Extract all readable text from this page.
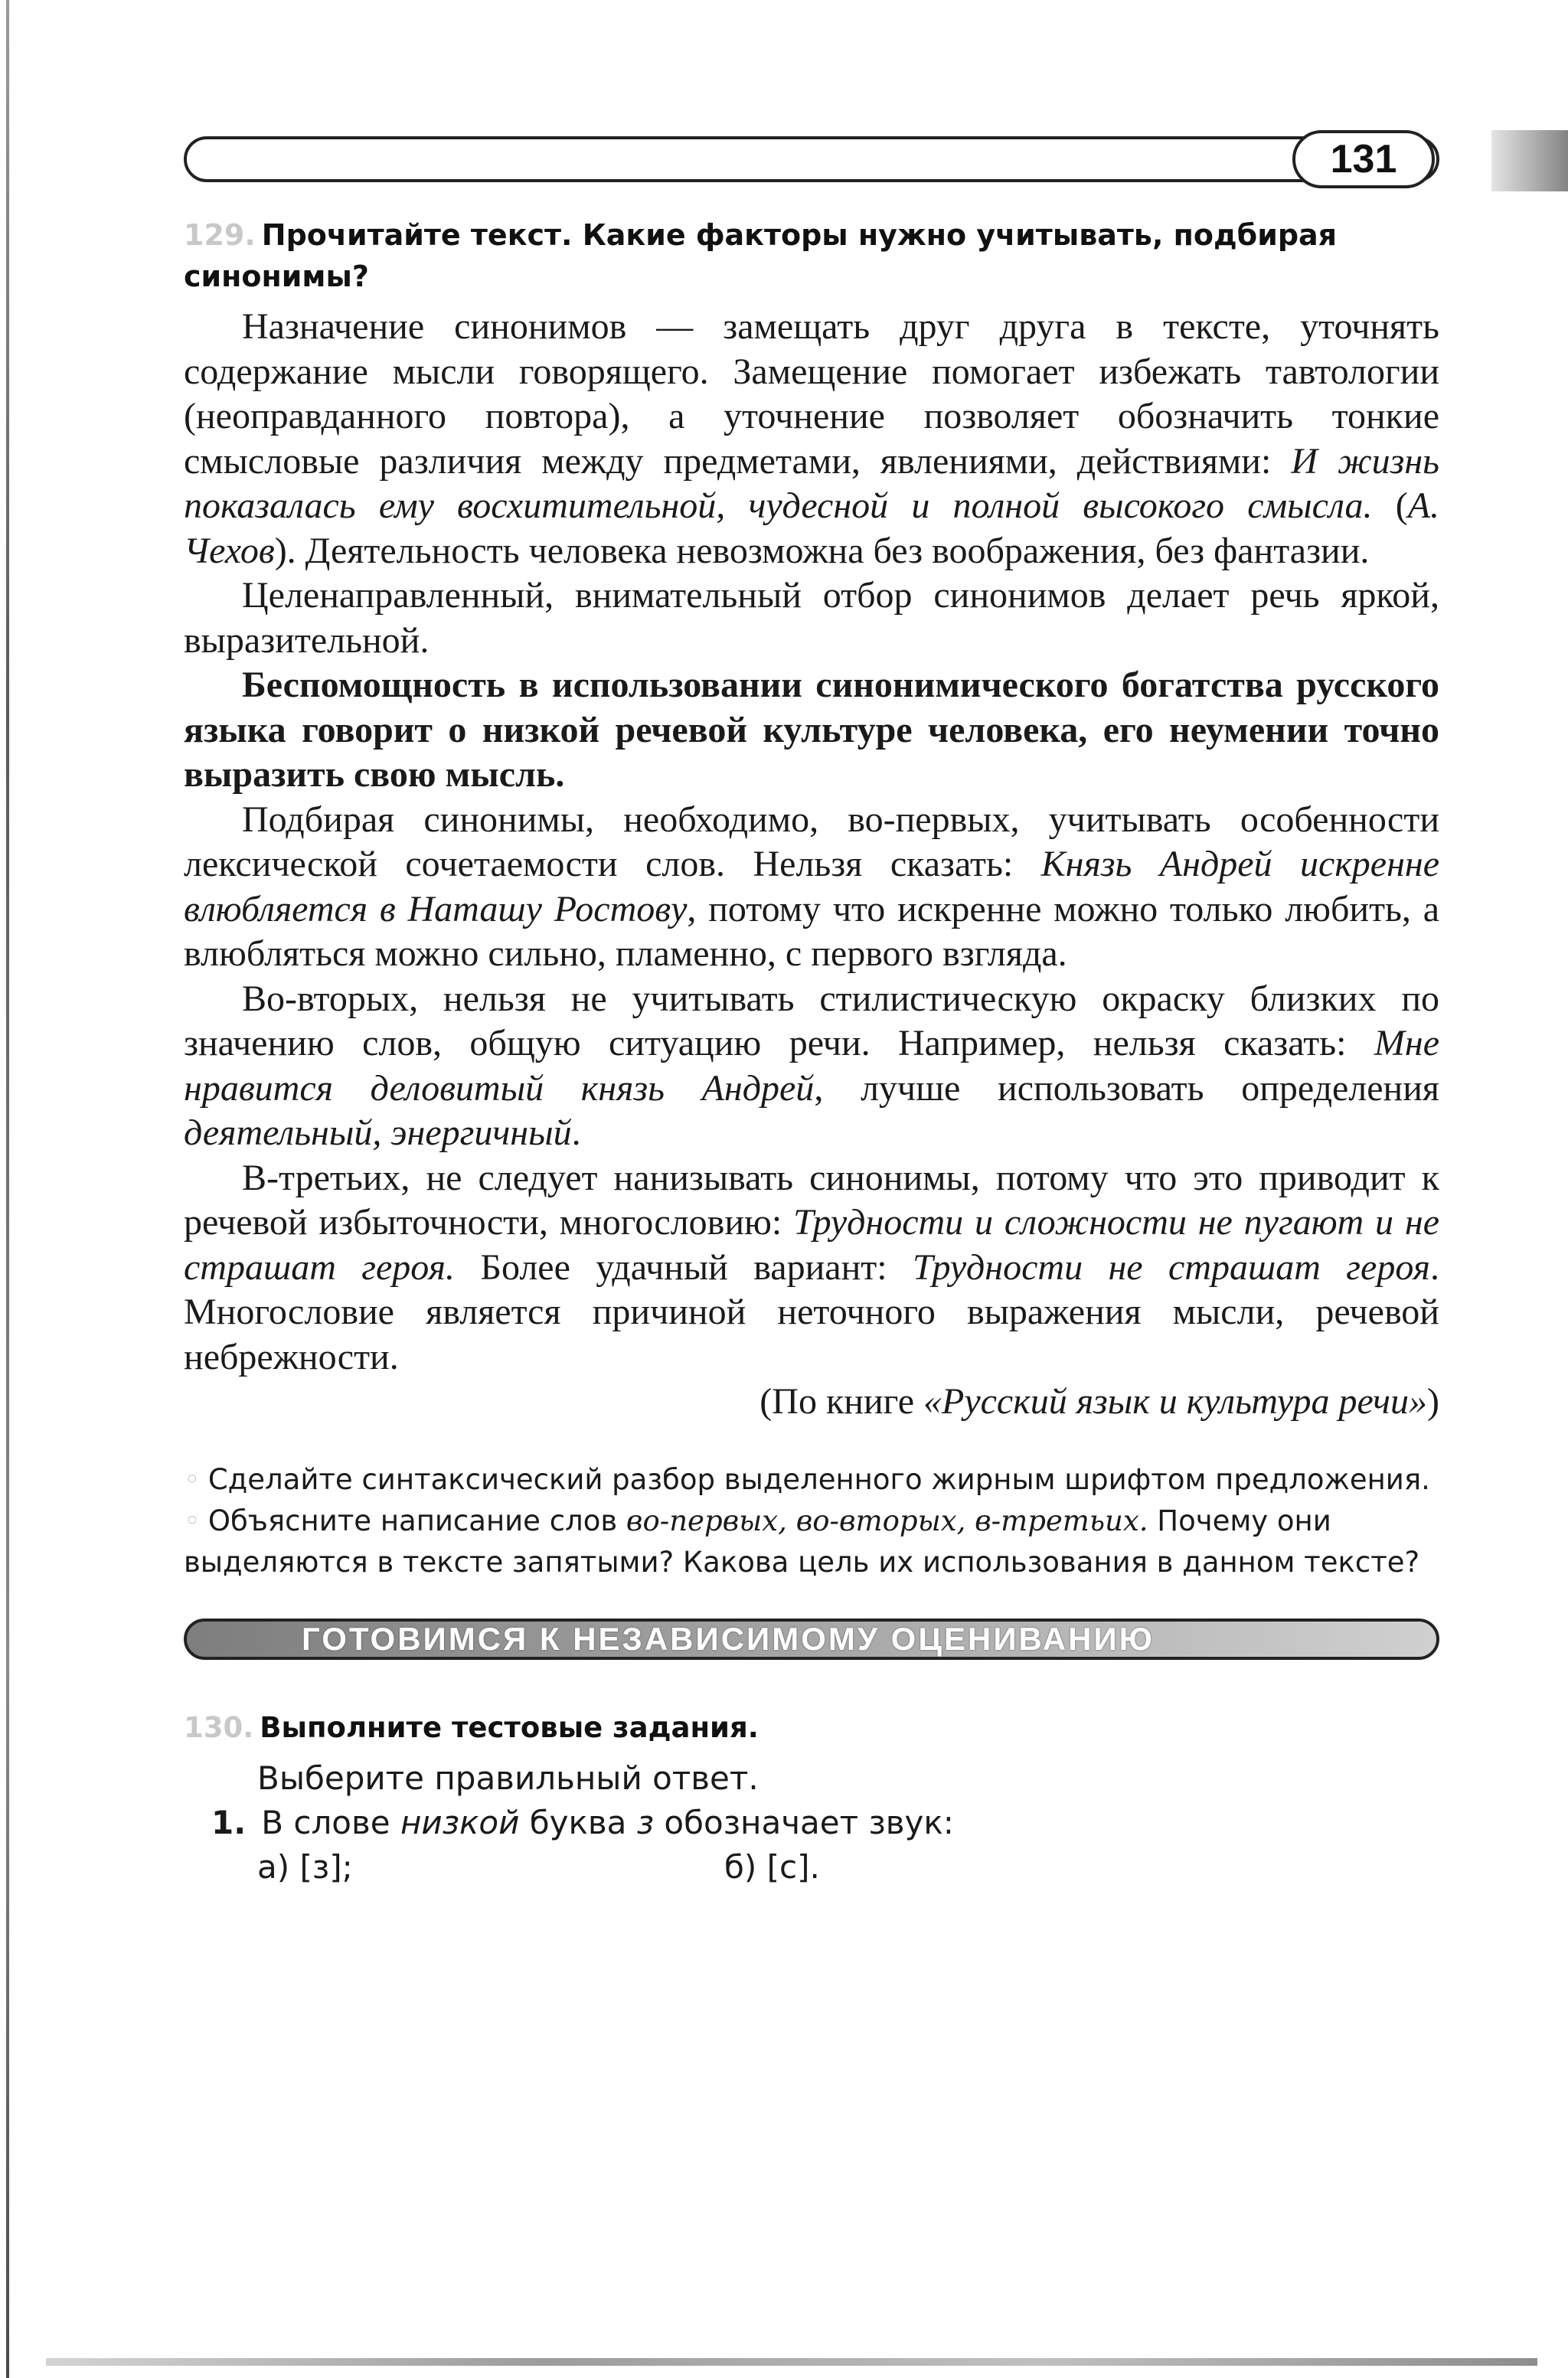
131
129. Прочитайте текст. Какие факторы нужно учитывать, подбирая синонимы?

Назначение синонимов — замещать друг друга в тексте, уточнять содержание мысли говорящего. Замещение помогает избежать тавтологии (неоправданного повтора), а уточнение позволяет обозначить тонкие смысловые различия между предметами, явлениями, действиями: И жизнь показалась ему восхитительной, чудесной и полной высокого смысла. (А. Чехов). Деятельность человека невозможна без воображения, без фантазии.

Целенаправленный, внимательный отбор синонимов делает речь яркой, выразительной.

Беспомощность в использовании синонимического богатства русского языка говорит о низкой речевой культуре человека, его неумении точно выразить свою мысль.

Подбирая синонимы, необходимо, во-первых, учитывать особенности лексической сочетаемости слов. Нельзя сказать: Князь Андрей искренне влюбляется в Наташу Ростову, потому что искренне можно только любить, а влюбляться можно сильно, пламенно, с первого взгляда.

Во-вторых, нельзя не учитывать стилистическую окраску близких по значению слов, общую ситуацию речи. Например, нельзя сказать: Мне нравится деловитый князь Андрей, лучше использовать определения деятельный, энергичный.

В-третьих, не следует нанизывать синонимы, потому что это приводит к речевой избыточности, многословию: Трудности и сложности не пугают и не страшат героя. Более удачный вариант: Трудности не страшат героя. Многословие является причиной неточного выражения мысли, речевой небрежности.

(По книге «Русский язык и культура речи»)

◦ Сделайте синтаксический разбор выделенного жирным шрифтом предложения.

◦ Объясните написание слов во-первых, во-вторых, в-третьих. Почему они выделяются в тексте запятыми? Какова цель их использования в данном тексте?

ГОТОВИМСЯ К НЕЗАВИСИМОМУ ОЦЕНИВАНИЮ
130. Выполните тестовые задания.
Выберите правильный ответ.
1. В слове низкой буква з обозначает звук:
а) [з];	б) [с].
